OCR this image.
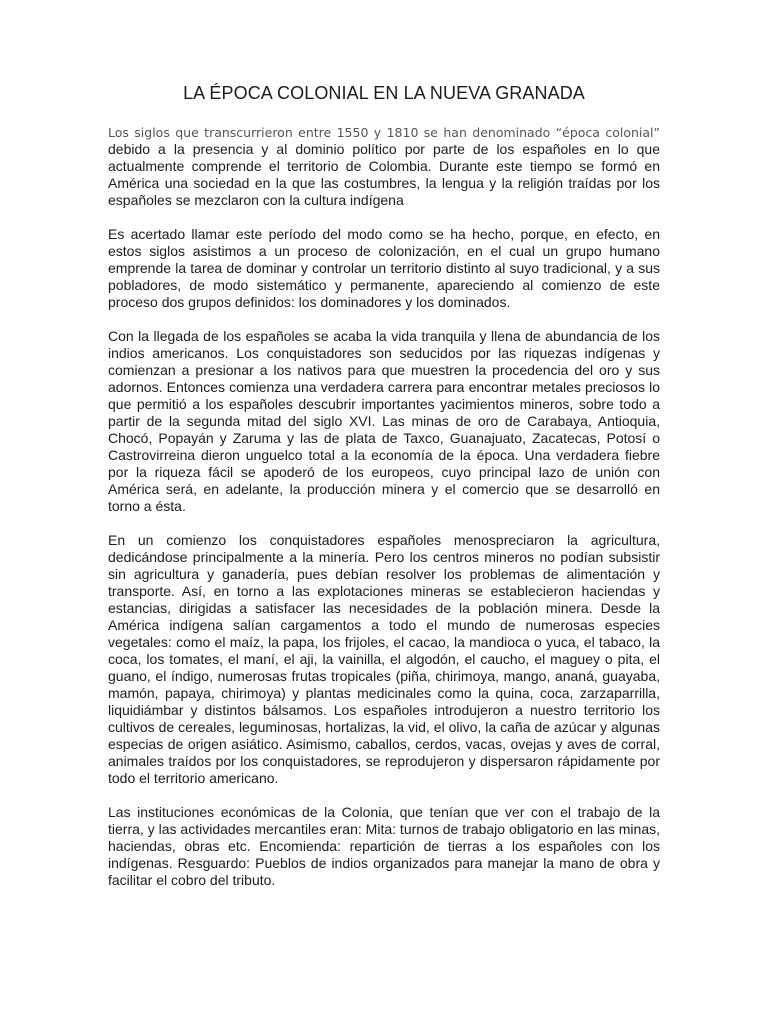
LA ÉPOCA COLONIAL EN LA NUEVA GRANADA

Los siglos que transcurrieron entre 1550 y 1810 se han denominado “época colonial” debido a la presencia y al dominio político por parte de los españoles en lo que actualmente comprende el territorio de Colombia. Durante este tiempo se formó en América una sociedad en la que las costumbres, la lengua y la religión traídas por los españoles se mezclaron con la cultura indígena

Es acertado llamar este período del modo como se ha hecho, porque, en efecto, en estos siglos asistimos a un proceso de colonización, en el cual un grupo humano emprende la tarea de dominar y controlar un territorio distinto al suyo tradicional, y a sus pobladores, de modo sistemático y permanente, apareciendo al comienzo de este proceso dos grupos definidos: los dominadores y los dominados.

Con la llegada de los españoles se acaba la vida tranquila y llena de abundancia de los indios americanos. Los conquistadores son seducidos por las riquezas indígenas y comienzan a presionar a los nativos para que muestren la procedencia del oro y sus adornos. Entonces comienza una verdadera carrera para encontrar metales preciosos lo que permitió a los españoles descubrir importantes yacimientos mineros, sobre todo a partir de la segunda mitad del siglo XVI. Las minas de oro de Carabaya, Antioquia, Chocó, Popayán y Zaruma y las de plata de Taxco, Guanajuato, Zacatecas, Potosí o Castrovirreina dieron unguelco total a la economía de la época. Una verdadera fiebre por la riqueza fácil se apoderó de los europeos, cuyo principal lazo de unión con América será, en adelante, la producción minera y el comercio que se desarrolló en torno a ésta.

En un comienzo los conquistadores españoles menospreciaron la agricultura, dedicándose principalmente a la minería. Pero los centros mineros no podían subsistir sin agricultura y ganadería, pues debían resolver los problemas de alimentación y transporte. Así, en torno a las explotaciones mineras se establecieron haciendas y estancias, dirigidas a satisfacer las necesidades de la población minera. Desde la América indígena salían cargamentos a todo el mundo de numerosas especies vegetales: como el maíz, la papa, los frijoles, el cacao, la mandioca o yuca, el tabaco, la coca, los tomates, el maní, el aji, la vainilla, el algodón, el caucho, el maguey o pita, el guano, el índigo, numerosas frutas tropicales (piña, chirimoya, mango, ananá, guayaba, mamón, papaya, chirimoya) y plantas medicinales como la quina, coca, zarzaparrilla, liquidiámbar y distintos bálsamos. Los españoles introdujeron a nuestro territorio los cultivos de cereales, leguminosas, hortalizas, la vid, el olivo, la caña de azúcar y algunas especias de origen asiático. Asimismo, caballos, cerdos, vacas, ovejas y aves de corral, animales traídos por los conquistadores, se reprodujeron y dispersaron rápidamente por todo el territorio americano.

Las instituciones económicas de la Colonia, que tenían que ver con el trabajo de la tierra, y las actividades mercantiles eran: Mita: turnos de trabajo obligatorio en las minas, haciendas, obras etc. Encomienda: repartición de tierras a los españoles con los indígenas. Resguardo: Pueblos de indios organizados para manejar la mano de obra y facilitar el cobro del tributo.
